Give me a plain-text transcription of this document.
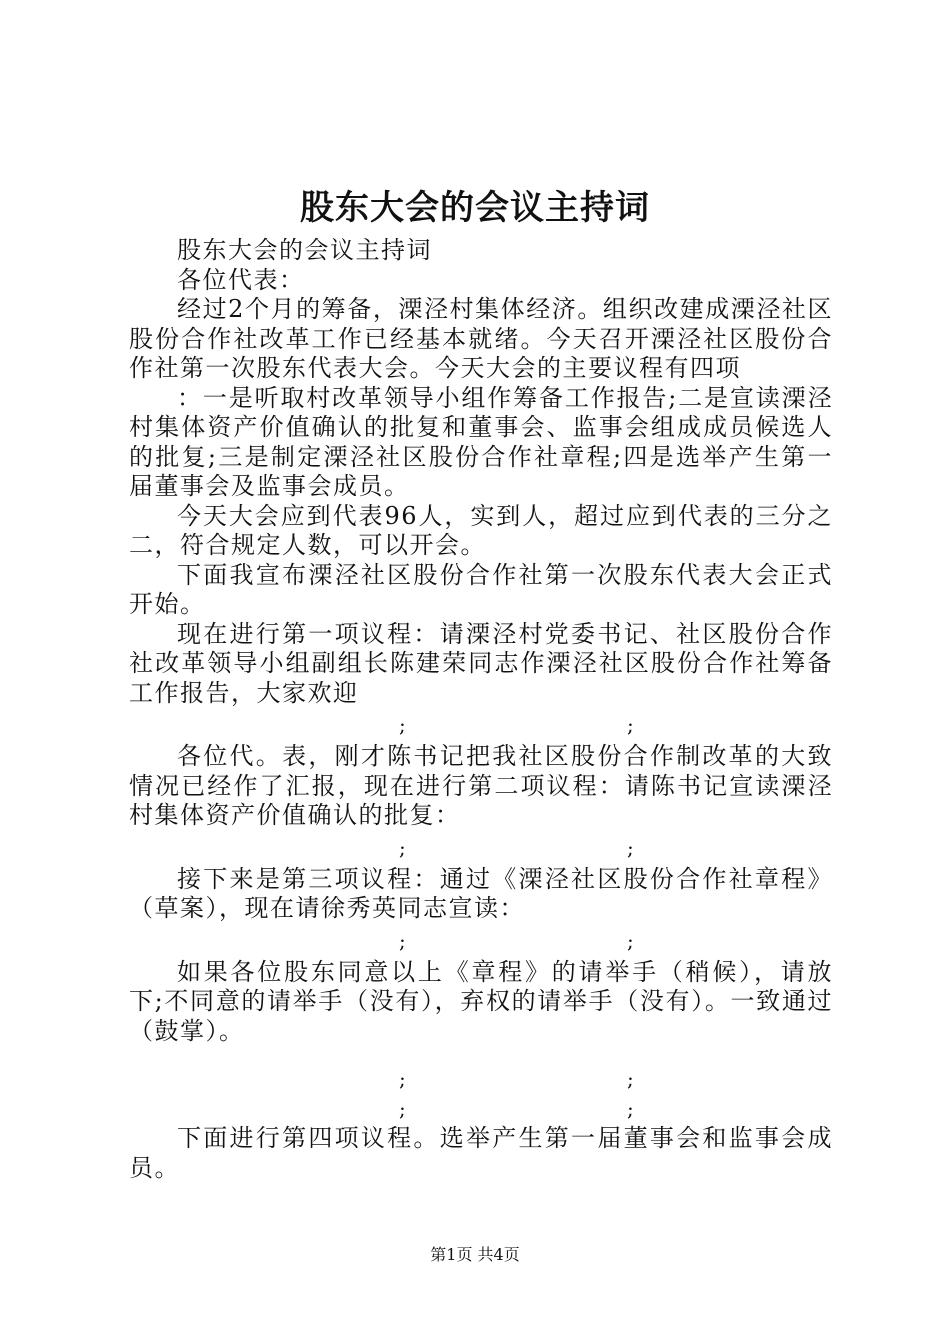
股东大会的会议主持词

股东大会的会议主持词

各位代表：

经过2个月的筹备，溧泾村集体经济。组织改建成溧泾社区股份合作社改革工作已经基本就绪。今天召开溧泾社区股份合作社第一次股东代表大会。今天大会的主要议程有四项

：一是听取村改革领导小组作筹备工作报告;二是宣读溧泾村集体资产价值确认的批复和董事会、监事会组成成员候选人的批复;三是制定溧泾社区股份合作社章程;四是选举产生第一届董事会及监事会成员。

今天大会应到代表96人，实到人，超过应到代表的三分之二，符合规定人数，可以开会。

下面我宣布溧泾社区股份合作社第一次股东代表大会正式开始。

现在进行第一项议程：请溧泾村党委书记、社区股份合作社改革领导小组副组长陈建荣同志作溧泾社区股份合作社筹备工作报告，大家欢迎

;	;

各位代。表，刚才陈书记把我社区股份合作制改革的大致情况已经作了汇报，现在进行第二项议程：请陈书记宣读溧泾村集体资产价值确认的批复：

;	;

接下来是第三项议程：通过《溧泾社区股份合作社章程》（草案），现在请徐秀英同志宣读：

;	;

如果各位股东同意以上《章程》的请举手（稍候），请放下;不同意的请举手（没有），弃权的请举手（没有）。一致通过（鼓掌）。

;	;
;	;

下面进行第四项议程。选举产生第一届董事会和监事会成员。

第1页 共4页
